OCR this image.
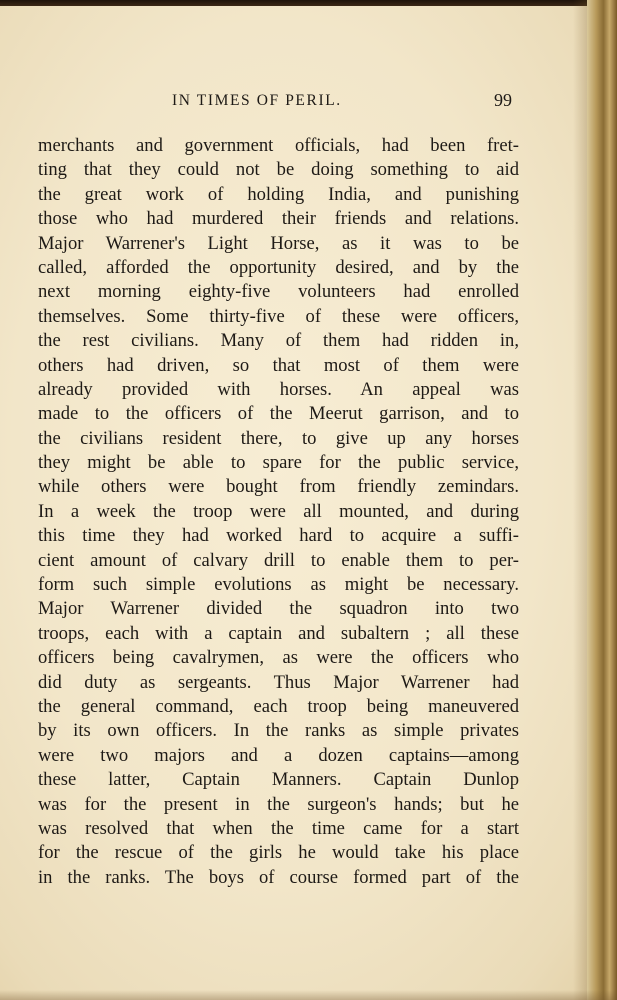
IN TIMES OF PERIL.	99
merchants and government officials, had been fret-
ting that they could not be doing something to aid
the great work of holding India, and punishing
those who had murdered their friends and relations.
Major Warrener's Light Horse, as it was to be
called, afforded the opportunity desired, and by the
next morning eighty-five volunteers had enrolled
themselves. Some thirty-five of these were officers,
the rest civilians. Many of them had ridden in,
others had driven, so that most of them were
already provided with horses. An appeal was
made to the officers of the Meerut garrison, and to
the civilians resident there, to give up any horses
they might be able to spare for the public service,
while others were bought from friendly zemindars.
In a week the troop were all mounted, and during
this time they had worked hard to acquire a suffi-
cient amount of calvary drill to enable them to per-
form such simple evolutions as might be necessary.
Major Warrener divided the squadron into two
troops, each with a captain and subaltern ; all these
officers being cavalrymen, as were the officers who
did duty as sergeants. Thus Major Warrener had
the general command, each troop being maneuvered
by its own officers. In the ranks as simple privates
were two majors and a dozen captains—among
these latter, Captain Manners. Captain Dunlop
was for the present in the surgeon's hands; but he
was resolved that when the time came for a start
for the rescue of the girls he would take his place
in the ranks. The boys of course formed part of the
